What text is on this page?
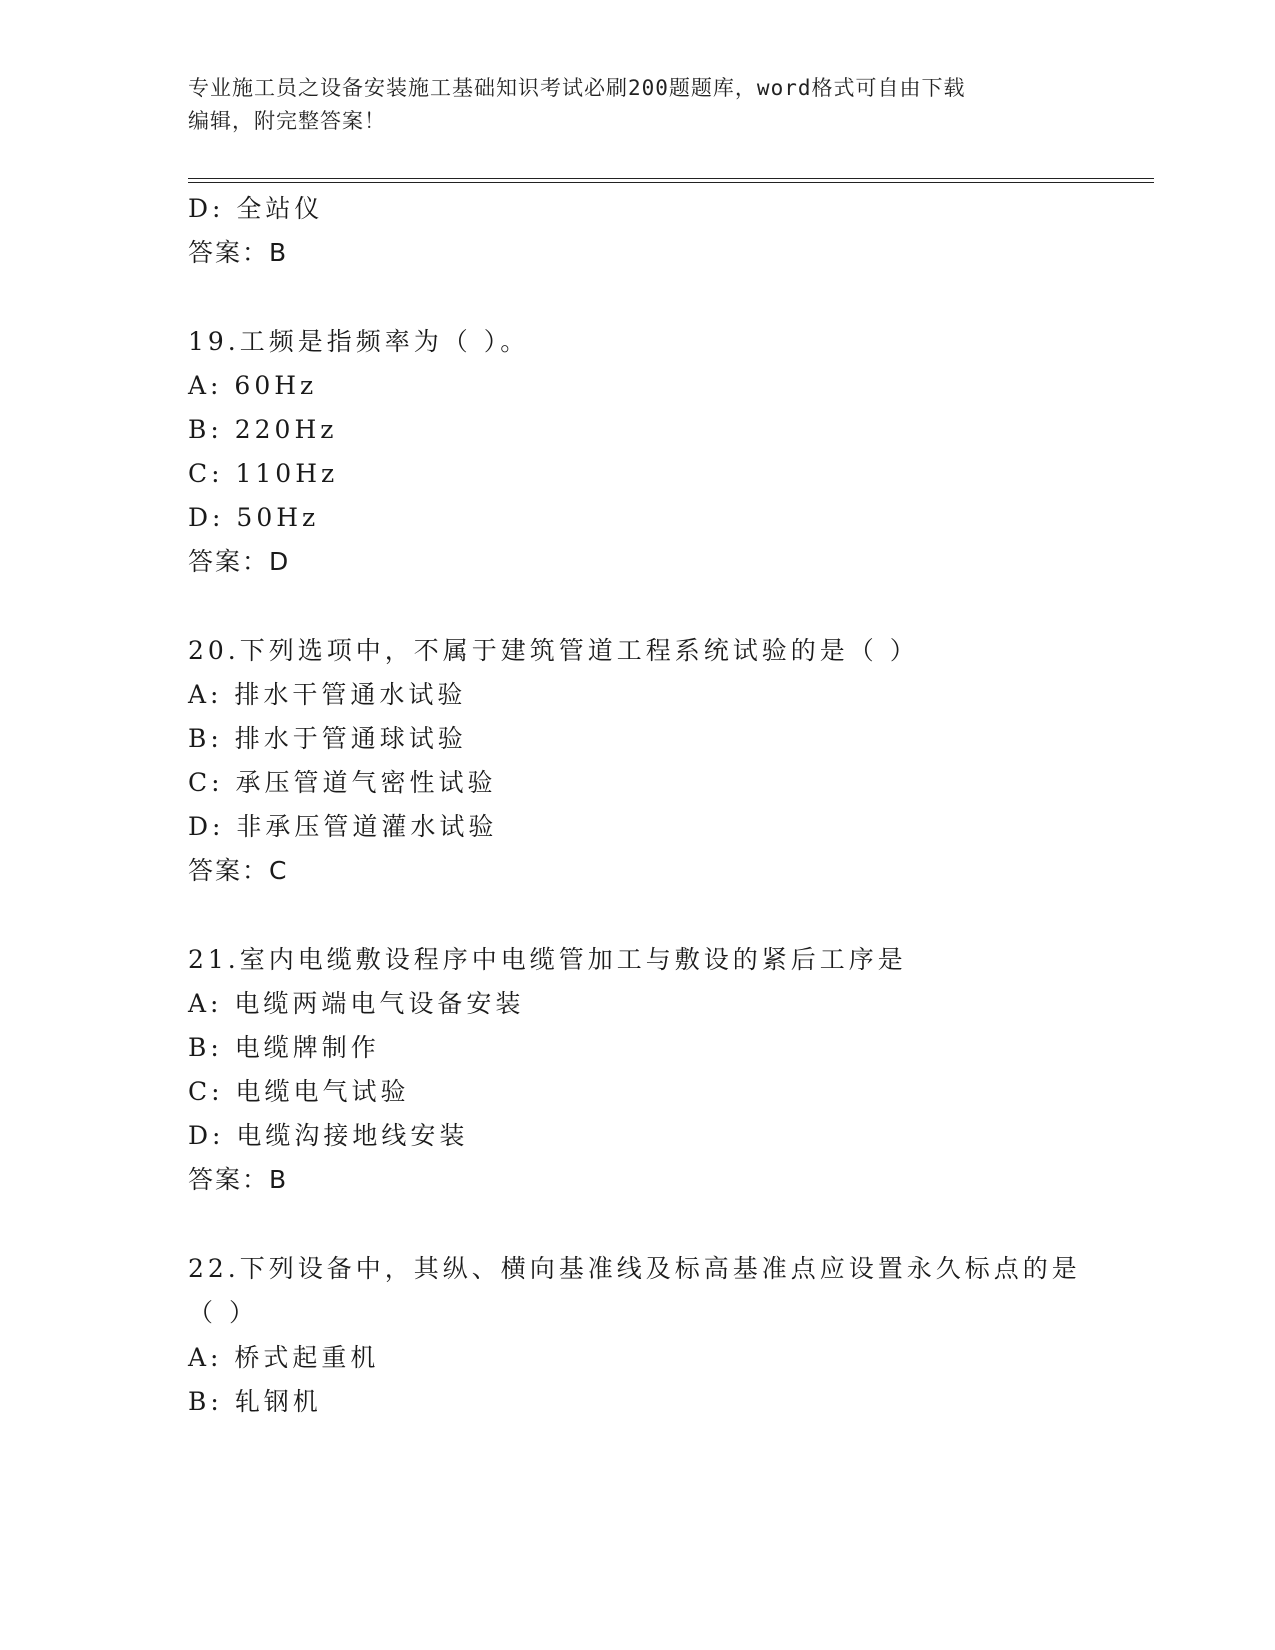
专业施工员之设备安装施工基础知识考试必刷200题题库，word格式可自由下载
编辑，附完整答案！
D: 全站仪
答案：B
19.工频是指频率为（ ）。
A: 60Hz
B: 220Hz
C: 110Hz
D: 50Hz
答案：D
20.下列选项中，不属于建筑管道工程系统试验的是（ ）
A: 排水干管通水试验
B: 排水于管通球试验
C: 承压管道气密性试验
D: 非承压管道灌水试验
答案：C
21.室内电缆敷设程序中电缆管加工与敷设的紧后工序是
A: 电缆两端电气设备安装
B: 电缆牌制作
C: 电缆电气试验
D: 电缆沟接地线安装
答案：B
22.下列设备中，其纵、横向基准线及标高基准点应设置永久标点的是
（ ）
A: 桥式起重机
B: 轧钢机
